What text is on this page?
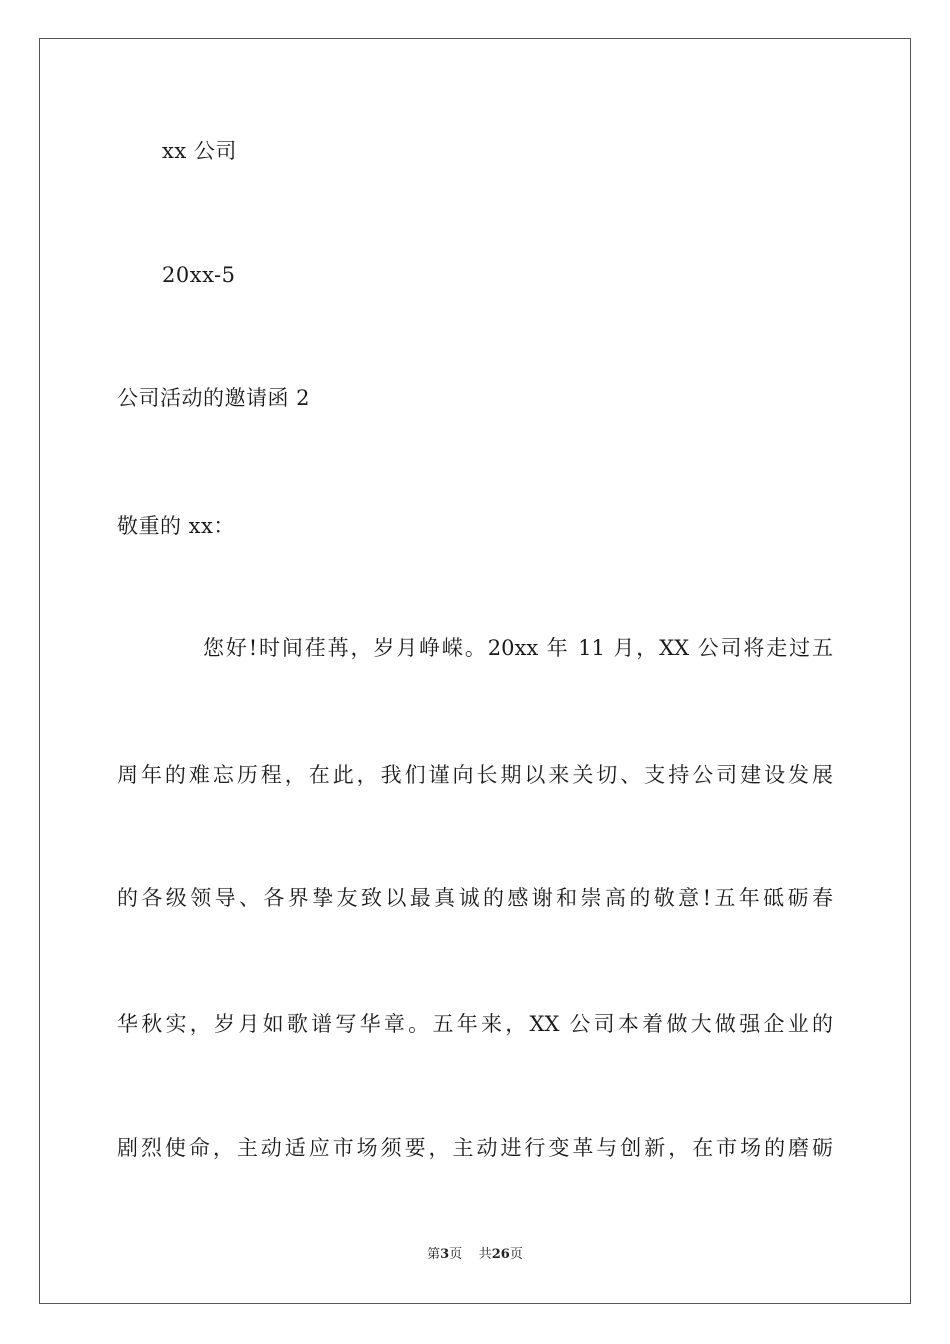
xx 公司
20xx-5
公司活动的邀请函 2
敬重的 xx：
您好!时间荏苒，岁月峥嵘。20xx 年 11 月，XX 公司将走过五
周年的难忘历程，在此，我们谨向长期以来关切、支持公司建设发展
的各级领导、各界挚友致以最真诚的感谢和崇高的敬意!五年砥砺春
华秋实，岁月如歌谱写华章。五年来，XX 公司本着做大做强企业的
剧烈使命，主动适应市场须要，主动进行变革与创新，在市场的磨砺
第3页 共26页
